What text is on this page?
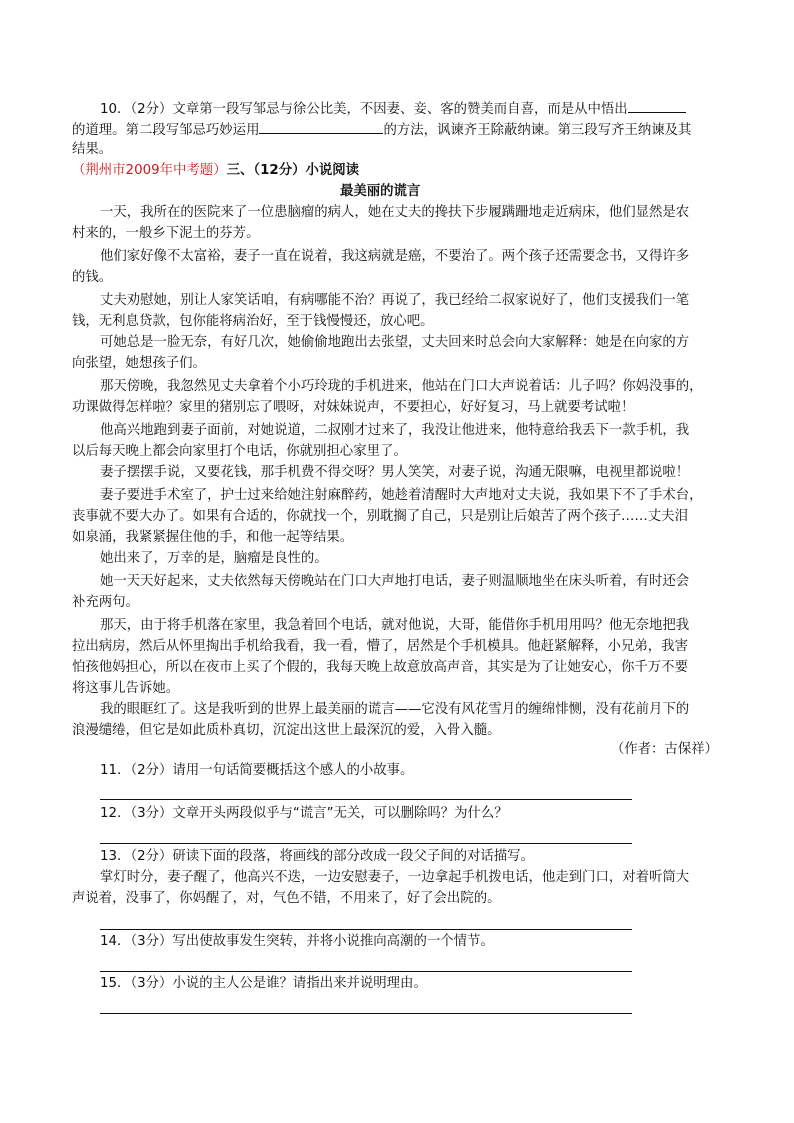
10．（2分）文章第一段写邹忌与徐公比美，不因妻、妾、客的赞美而自喜，而是从中悟出
的道理。第二段写邹忌巧妙运用	的方法，讽谏齐王除蔽纳谏。第三段写齐王纳谏及其
结果。
（荆州市2009年中考题）三、（12分）小说阅读
最美丽的谎言
一天，我所在的医院来了一位患脑瘤的病人，她在丈夫的搀扶下步履蹒跚地走近病床，他们显然是农
村来的，一般乡下泥土的芬芳。
他们家好像不太富裕，妻子一直在说着，我这病就是癌，不要治了。两个孩子还需要念书，又得许多
的钱。
丈夫劝慰她，别让人家笑话咱，有病哪能不治？再说了，我已经给二叔家说好了，他们支援我们一笔
钱，无利息贷款，包你能将病治好，至于钱慢慢还，放心吧。
可她总是一脸无奈，有好几次，她偷偷地跑出去张望，丈夫回来时总会向大家解释：她是在向家的方
向张望，她想孩子们。
那天傍晚，我忽然见丈夫拿着个小巧玲珑的手机进来，他站在门口大声说着话：儿子吗？你妈没事的，
功课做得怎样啦？家里的猪别忘了喂呀，对妹妹说声，不要担心，好好复习，马上就要考试啦！
他高兴地跑到妻子面前，对她说道，二叔刚才过来了，我没让他进来，他特意给我丢下一款手机，我
以后每天晚上都会向家里打个电话，你就别担心家里了。
妻子摆摆手说，又要花钱，那手机费不得交呀？男人笑笑，对妻子说，沟通无限嘛，电视里都说啦！
妻子要进手术室了，护士过来给她注射麻醉药，她趁着清醒时大声地对丈夫说，我如果下不了手术台，
丧事就不要大办了。如果有合适的，你就找一个，别耽搁了自己，只是别让后娘苦了两个孩子……丈夫泪
如泉涌，我紧紧握住他的手，和他一起等结果。
她出来了，万幸的是，脑瘤是良性的。
她一天天好起来，丈夫依然每天傍晚站在门口大声地打电话，妻子则温顺地坐在床头听着，有时还会
补充两句。
那天，由于将手机落在家里，我急着回个电话，就对他说，大哥，能借你手机用用吗？他无奈地把我
拉出病房，然后从怀里掏出手机给我看，我一看，懵了，居然是个手机模具。他赶紧解释，小兄弟，我害
怕孩他妈担心，所以在夜市上买了个假的，我每天晚上故意放高声音，其实是为了让她安心，你千万不要
将这事儿告诉她。
我的眼眶红了。这是我听到的世界上最美丽的谎言——它没有风花雪月的缠绵悱恻，没有花前月下的
浪漫缱绻，但它是如此质朴真切，沉淀出这世上最深沉的爱，入骨入髓。
（作者：古保祥）
11．（2分）请用一句话简要概括这个感人的小故事。
12．（3分）文章开头两段似乎与“谎言”无关，可以删除吗？为什么？
13．（2分）研读下面的段落，将画线的部分改成一段父子间的对话描写。
掌灯时分，妻子醒了，他高兴不迭，一边安慰妻子，一边拿起手机拨电话，他走到门口，对着听筒大
声说着，没事了，你妈醒了，对，气色不错，不用来了，好了会出院的。
14．（3分）写出使故事发生突转，并将小说推向高潮的一个情节。
15．（3分）小说的主人公是谁？请指出来并说明理由。
